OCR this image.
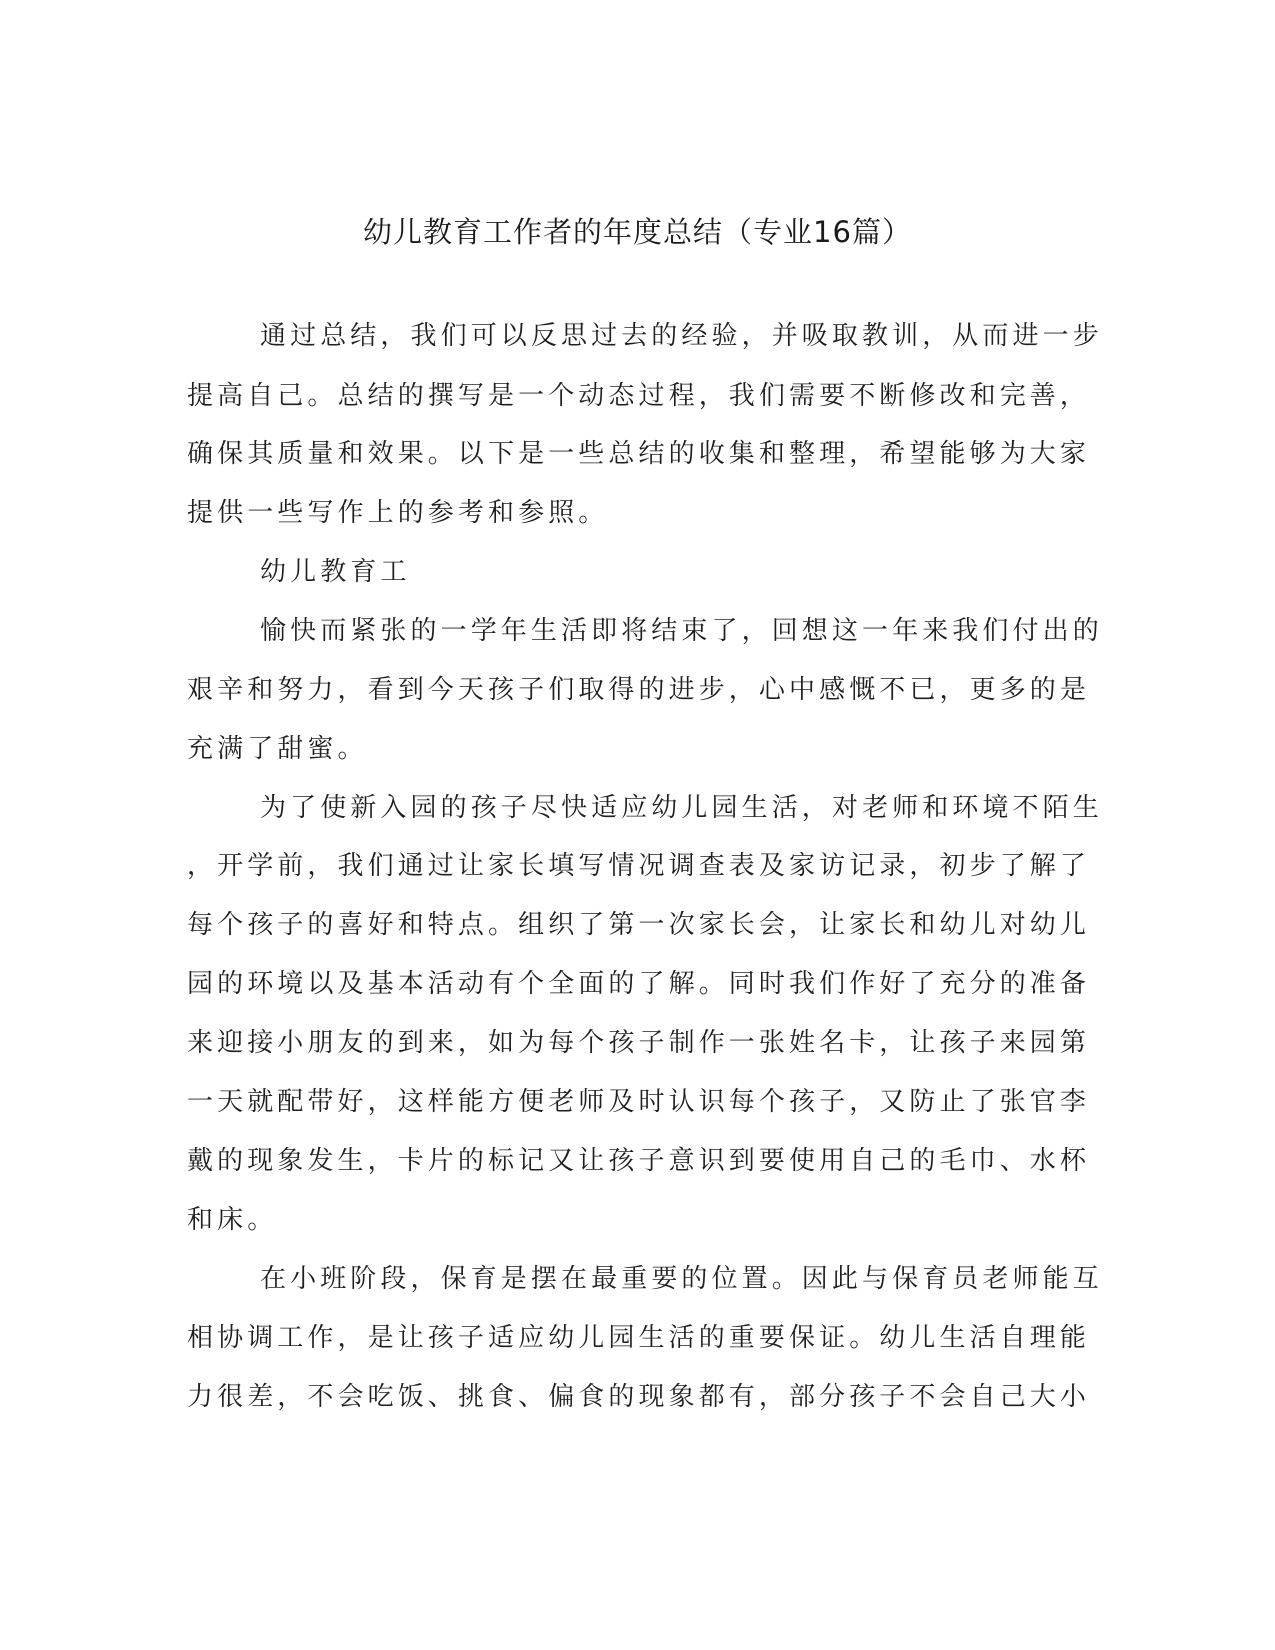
幼儿教育工作者的年度总结（专业16篇）

通过总结，我们可以反思过去的经验，并吸取教训，从而进一步

提高自己。总结的撰写是一个动态过程，我们需要不断修改和完善，

确保其质量和效果。以下是一些总结的收集和整理，希望能够为大家

提供一些写作上的参考和参照。

幼儿教育工

愉快而紧张的一学年生活即将结束了，回想这一年来我们付出的

艰辛和努力，看到今天孩子们取得的进步，心中感慨不已，更多的是

充满了甜蜜。

为了使新入园的孩子尽快适应幼儿园生活，对老师和环境不陌生

，开学前，我们通过让家长填写情况调查表及家访记录，初步了解了

每个孩子的喜好和特点。组织了第一次家长会，让家长和幼儿对幼儿

园的环境以及基本活动有个全面的了解。同时我们作好了充分的准备

来迎接小朋友的到来，如为每个孩子制作一张姓名卡，让孩子来园第

一天就配带好，这样能方便老师及时认识每个孩子，又防止了张官李

戴的现象发生，卡片的标记又让孩子意识到要使用自己的毛巾、水杯

和床。

在小班阶段，保育是摆在最重要的位置。因此与保育员老师能互

相协调工作，是让孩子适应幼儿园生活的重要保证。幼儿生活自理能

力很差，不会吃饭、挑食、偏食的现象都有，部分孩子不会自己大小
